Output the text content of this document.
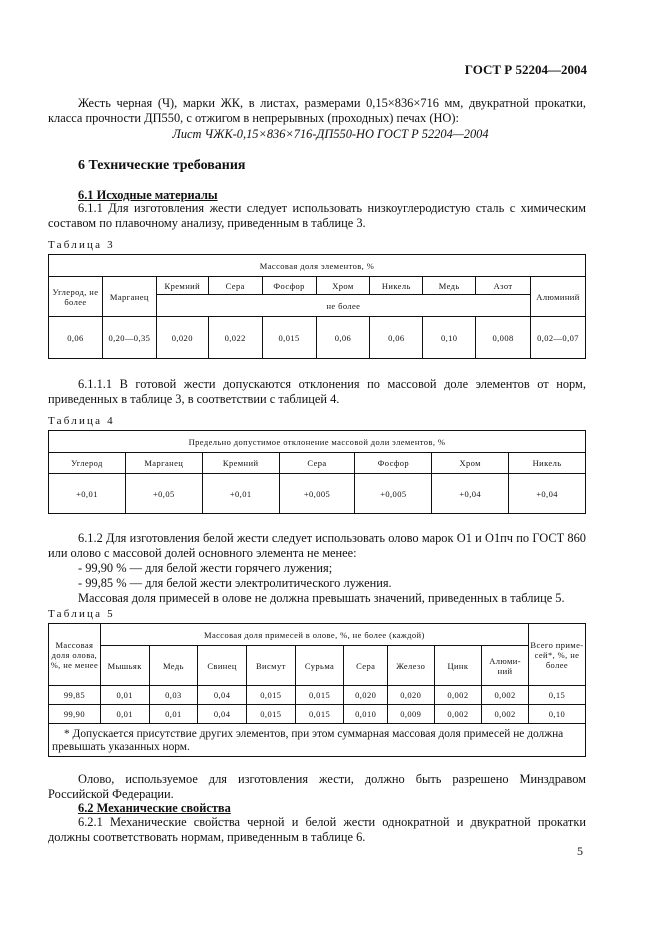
ГОСТ Р 52204—2004
Жесть черная (Ч), марки ЖК, в листах, размерами 0,15×836×716 мм, двукратной прокатки, класса прочности ДП550, с отжигом в непрерывных (проходных) печах (НО):
Лист ЧЖК-0,15×836×716-ДП550-НО ГОСТ Р 52204—2004
6 Технические требования
6.1 Исходные материалы
6.1.1 Для изготовления жести следует использовать низкоуглеродистую сталь с химическим составом по плавочному анализу, приведенным в таблице 3.
Таблица 3
Массовая доля элементов, %									
Углерод, не более	Марганец	Кремний	Сера	Фосфор	Хром	Никель	Медь	Азот	Алюминий
		не более							
0,06	0,20—0,35	0,020	0,022	0,015	0,06	0,06	0,10	0,008	0,02—0,07
6.1.1.1 В готовой жести допускаются отклонения по массовой доле элементов от норм, приведенных в таблице 3, в соответствии с таблицей 4.
Таблица 4
Предельно допустимое отклонение массовой доли элементов, %						
Углерод	Марганец	Кремний	Сера	Фосфор	Хром	Никель
+0,01	+0,05	+0,01	+0,005	+0,005	+0,04	+0,04
6.1.2 Для изготовления белой жести следует использовать олово марок О1 и О1пч по ГОСТ 860 или олово с массовой долей основного элемента не менее:
- 99,90 % — для белой жести горячего лужения;
- 99,85 % — для белой жести электролитического лужения.
Массовая доля примесей в олове не должна превышать значений, приведенных в таблице 5.
Таблица 5
Массовая доля олова, %, не менее	Массовая доля примесей в олове, %, не более (каждой)									Всего приме- сей*, %, не более
	Мышьяк	Медь	Свинец	Висмут	Сурьма	Сера	Железо	Цинк	Алюми- ний	
99,85	0,01	0,03	0,04	0,015	0,015	0,020	0,020	0,002	0,002	0,15
99,90	0,01	0,01	0,04	0,015	0,015	0,010	0,009	0,002	0,002	0,10
* Допускается присутствие других элементов, при этом суммарная массовая доля примесей не должна превышать указанных норм.										
Олово, используемое для изготовления жести, должно быть разрешено Минздравом Российской Федерации.
6.2 Механические свойства
6.2.1 Механические свойства черной и белой жести однократной и двукратной прокатки должны соответствовать нормам, приведенным в таблице 6.
5
